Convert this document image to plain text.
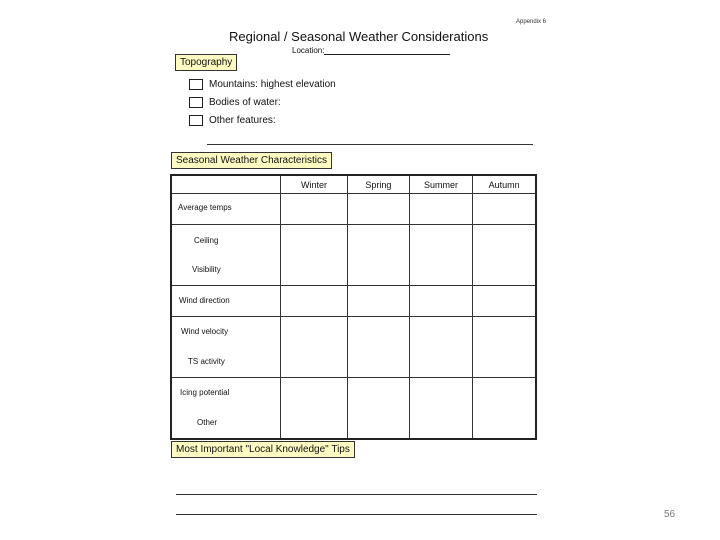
Appendix 6
Regional / Seasonal Weather Considerations
Location:
Topography
Mountains: highest elevation
Bodies of water:
Other features:
Seasonal Weather Characteristics
	Winter	Spring	Summer	Autumn

Average temps				

Ceiling
Visibility				

Wind direction				

Wind velocity
TS activity				

Icing potential
Other				

Most Important "Local Knowledge" Tips
56
